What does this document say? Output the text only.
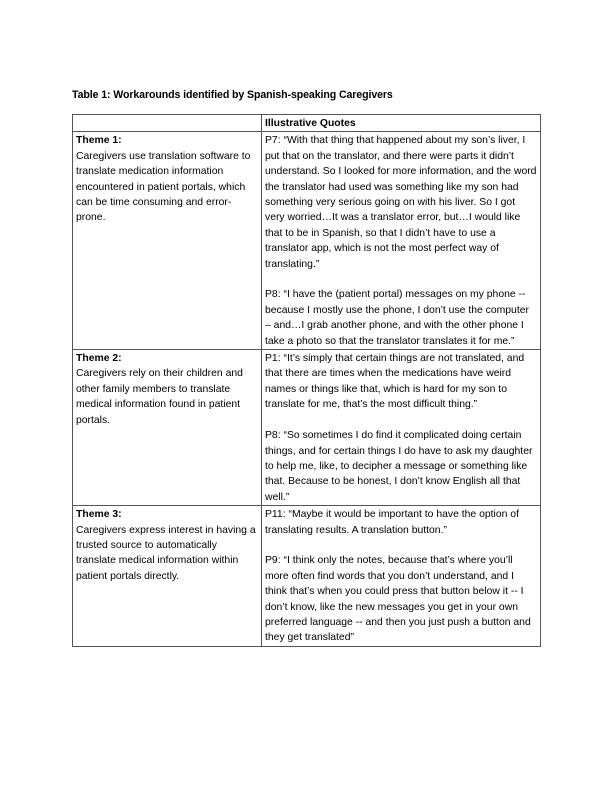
Table 1: Workarounds identified by Spanish-speaking Caregivers
	Illustrative Quotes

Theme 1:
Caregivers use translation software to translate medication information encountered in patient portals, which can be time consuming and error-prone.	P7: “With that thing that happened about my son’s liver, I put that on the translator, and there were parts it didn’t understand. So I looked for more information, and the word the translator had used was something like my son had something very serious going on with his liver. So I got very worried…It was a translator error, but…I would like that to be in Spanish, so that I didn’t have to use a translator app, which is not the most perfect way of translating.”
P8: “I have the (patient portal) messages on my phone -- because I mostly use the phone, I don’t use the computer – and…I grab another phone, and with the other phone I take a photo so that the translator translates it for me.”

Theme 2:
Caregivers rely on their children and other family members to translate medical information found in patient portals.	P1: “It’s simply that certain things are not translated, and that there are times when the medications have weird names or things like that, which is hard for my son to translate for me, that’s the most difficult thing.”
P8: “So sometimes I do find it complicated doing certain things, and for certain things I do have to ask my daughter to help me, like, to decipher a message or something like that. Because to be honest, I don’t know English all that well.”

Theme 3:
Caregivers express interest in having a trusted source to automatically translate medical information within patient portals directly.	P11: “Maybe it would be important to have the option of translating results. A translation button.”
P9: “I think only the notes, because that’s where you’ll more often find words that you don’t understand, and I think that’s when you could press that button below it -- I don’t know, like the new messages you get in your own preferred language -- and then you just push a button and they get translated”
